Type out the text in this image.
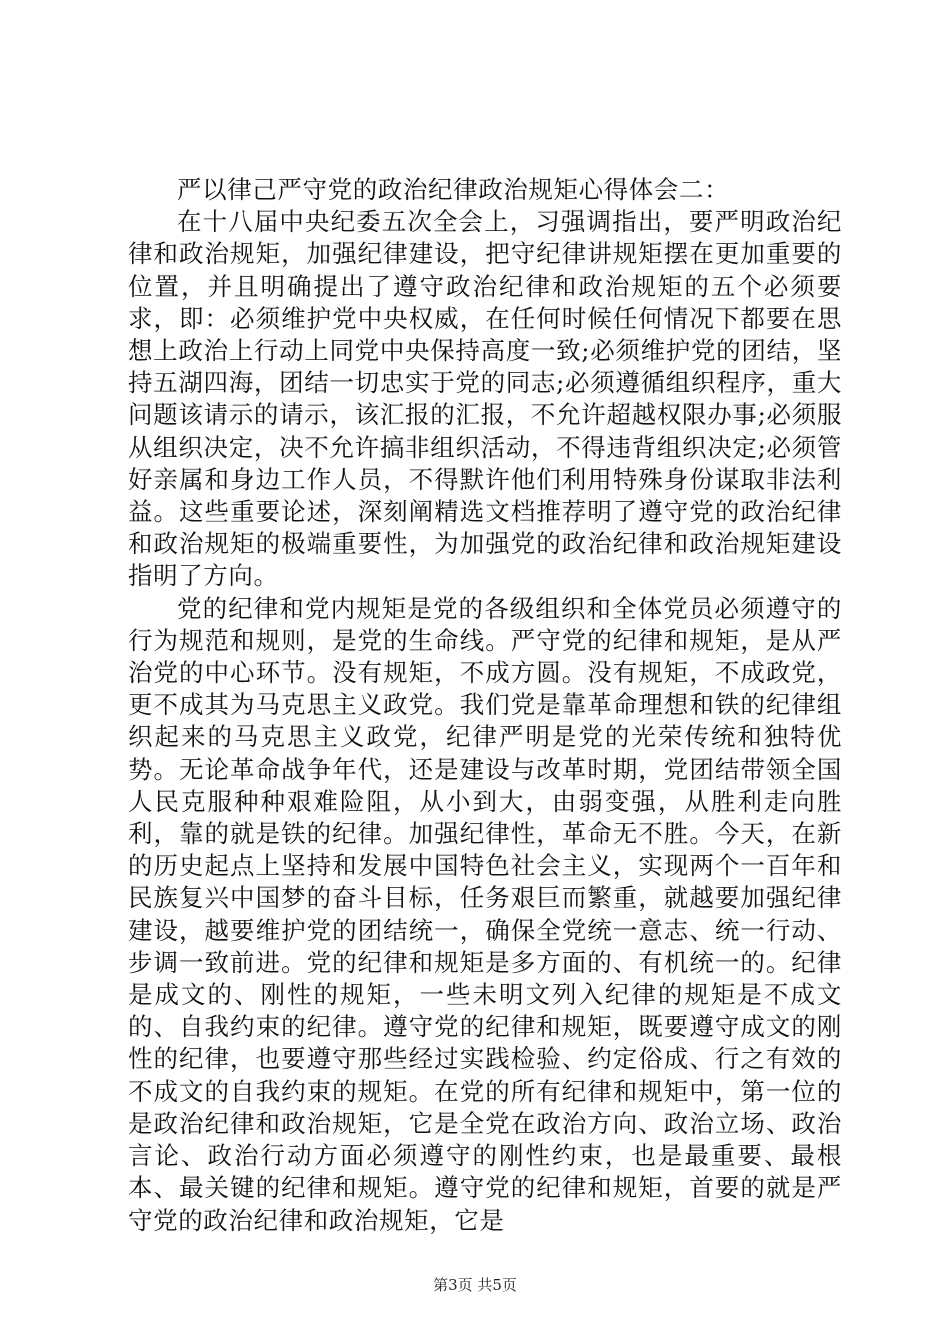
严以律己严守党的政治纪律政治规矩心得体会二：

在十八届中央纪委五次全会上，习强调指出，要严明政治纪律和政治规矩，加强纪律建设，把守纪律讲规矩摆在更加重要的位置，并且明确提出了遵守政治纪律和政治规矩的五个必须要求，即：必须维护党中央权威，在任何时候任何情况下都要在思想上政治上行动上同党中央保持高度一致;必须维护党的团结，坚持五湖四海，团结一切忠实于党的同志;必须遵循组织程序，重大问题该请示的请示，该汇报的汇报，不允许超越权限办事;必须服从组织决定，决不允许搞非组织活动，不得违背组织决定;必须管好亲属和身边工作人员，不得默许他们利用特殊身份谋取非法利益。这些重要论述，深刻阐精选文档推荐明了遵守党的政治纪律和政治规矩的极端重要性，为加强党的政治纪律和政治规矩建设指明了方向。

党的纪律和党内规矩是党的各级组织和全体党员必须遵守的行为规范和规则，是党的生命线。严守党的纪律和规矩，是从严治党的中心环节。没有规矩，不成方圆。没有规矩，不成政党，更不成其为马克思主义政党。我们党是靠革命理想和铁的纪律组织起来的马克思主义政党，纪律严明是党的光荣传统和独特优势。无论革命战争年代，还是建设与改革时期，党团结带领全国人民克服种种艰难险阻，从小到大，由弱变强，从胜利走向胜利，靠的就是铁的纪律。加强纪律性，革命无不胜。今天，在新的历史起点上坚持和发展中国特色社会主义，实现两个一百年和民族复兴中国梦的奋斗目标，任务艰巨而繁重，就越要加强纪律建设，越要维护党的团结统一，确保全党统一意志、统一行动、步调一致前进。党的纪律和规矩是多方面的、有机统一的。纪律是成文的、刚性的规矩，一些未明文列入纪律的规矩是不成文的、自我约束的纪律。遵守党的纪律和规矩，既要遵守成文的刚性的纪律，也要遵守那些经过实践检验、约定俗成、行之有效的不成文的自我约束的规矩。在党的所有纪律和规矩中，第一位的是政治纪律和政治规矩，它是全党在政治方向、政治立场、政治言论、政治行动方面必须遵守的刚性约束，也是最重要、最根本、最关键的纪律和规矩。遵守党的纪律和规矩，首要的就是严守党的政治纪律和政治规矩，它是

第3页 共5页
